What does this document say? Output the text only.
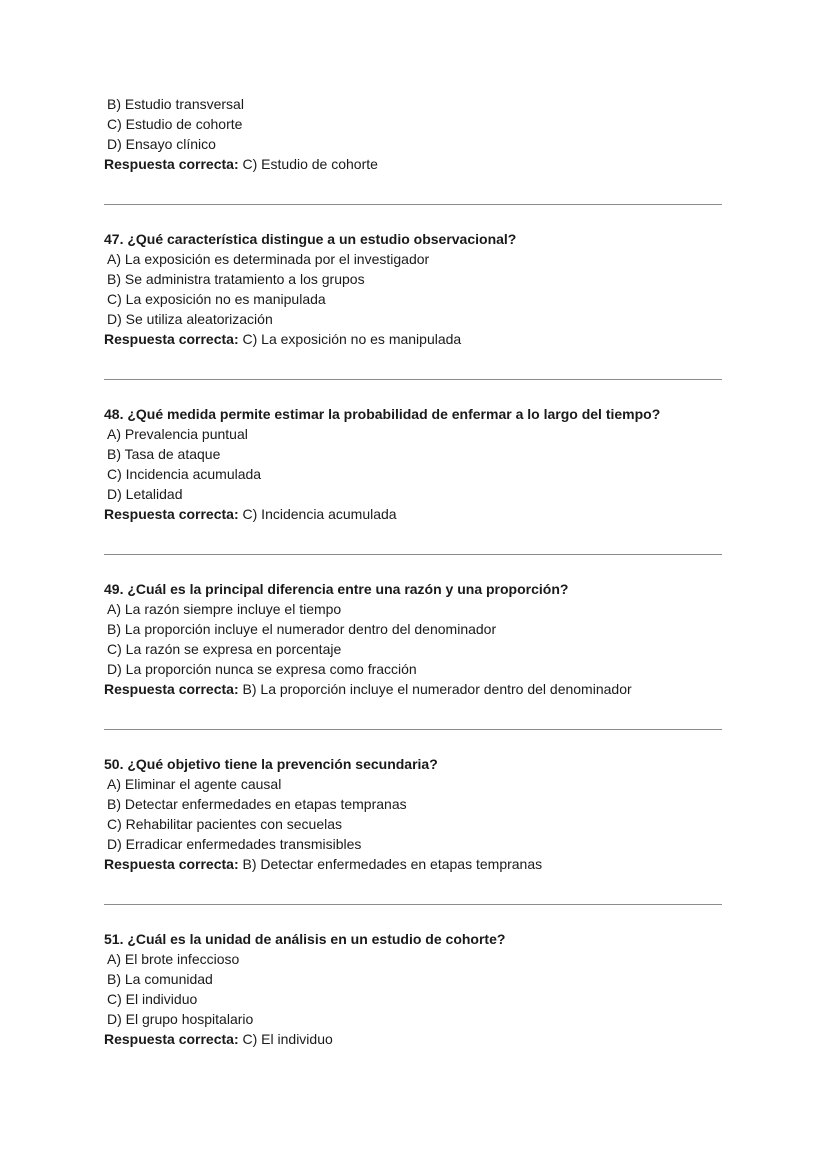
B) Estudio transversal

C) Estudio de cohorte

D) Ensayo clínico

Respuesta correcta: C) Estudio de cohorte

47. ¿Qué característica distingue a un estudio observacional?

A) La exposición es determinada por el investigador

B) Se administra tratamiento a los grupos

C) La exposición no es manipulada

D) Se utiliza aleatorización

Respuesta correcta: C) La exposición no es manipulada

48. ¿Qué medida permite estimar la probabilidad de enfermar a lo largo del tiempo?

A) Prevalencia puntual

B) Tasa de ataque

C) Incidencia acumulada

D) Letalidad

Respuesta correcta: C) Incidencia acumulada

49. ¿Cuál es la principal diferencia entre una razón y una proporción?

A) La razón siempre incluye el tiempo

B) La proporción incluye el numerador dentro del denominador

C) La razón se expresa en porcentaje

D) La proporción nunca se expresa como fracción

Respuesta correcta: B) La proporción incluye el numerador dentro del denominador

50. ¿Qué objetivo tiene la prevención secundaria?

A) Eliminar el agente causal

B) Detectar enfermedades en etapas tempranas

C) Rehabilitar pacientes con secuelas

D) Erradicar enfermedades transmisibles

Respuesta correcta: B) Detectar enfermedades en etapas tempranas

51. ¿Cuál es la unidad de análisis en un estudio de cohorte?

A) El brote infeccioso

B) La comunidad

C) El individuo

D) El grupo hospitalario

Respuesta correcta: C) El individuo
